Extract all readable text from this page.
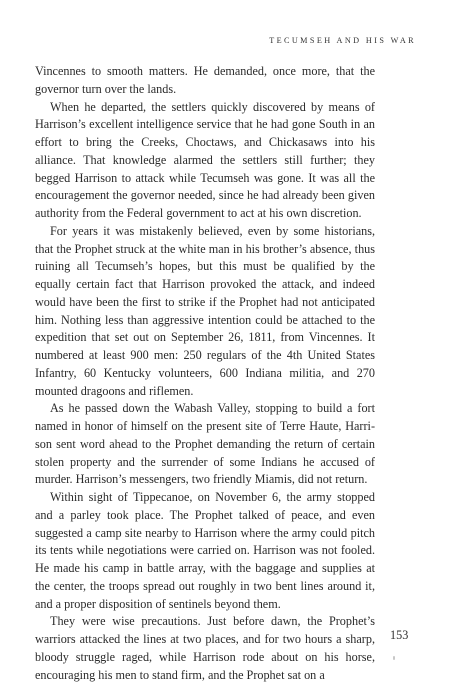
TECUMSEH AND HIS WAR

Vincennes to smooth matters. He demanded, once more, that the governor turn over the lands.

When he departed, the settlers quickly discovered by means of Harrison’s excellent intelligence service that he had gone South in an effort to bring the Creeks, Choctaws, and Chickasaws into his alliance. That knowledge alarmed the settlers still further; they begged Harrison to attack while Tecumseh was gone. It was all the encouragement the governor needed, since he had already been given authority from the Federal government to act at his own discretion.

For years it was mistakenly believed, even by some historians, that the Prophet struck at the white man in his brother’s absence, thus ruining all Tecumseh’s hopes, but this must be qualified by the equally certain fact that Harrison provoked the attack, and indeed would have been the first to strike if the Prophet had not anticipated him. Nothing less than aggressive intention could be attached to the expedition that set out on September 26, 1811, from Vincennes. It numbered at least 900 men: 250 regulars of the 4th United States Infantry, 60 Kentucky volunteers, 600 Indiana militia, and 270 mounted dragoons and riflemen.

As he passed down the Wabash Valley, stopping to build a fort named in honor of himself on the present site of Terre Haute, Harrison sent word ahead to the Prophet demanding the return of certain stolen property and the surrender of some Indians he accused of murder. Harrison’s messengers, two friendly Miamis, did not return.

Within sight of Tippecanoe, on November 6, the army stopped and a parley took place. The Prophet talked of peace, and even suggested a camp site nearby to Harrison where the army could pitch its tents while negotiations were carried on. Harrison was not fooled. He made his camp in battle array, with the baggage and supplies at the center, the troops spread out roughly in two bent lines around it, and a proper disposition of sentinels beyond them.

They were wise precautions. Just before dawn, the Prophet’s warriors attacked the lines at two places, and for two hours a sharp, bloody struggle raged, while Harrison rode about on his horse, encouraging his men to stand firm, and the Prophet sat on a

153
